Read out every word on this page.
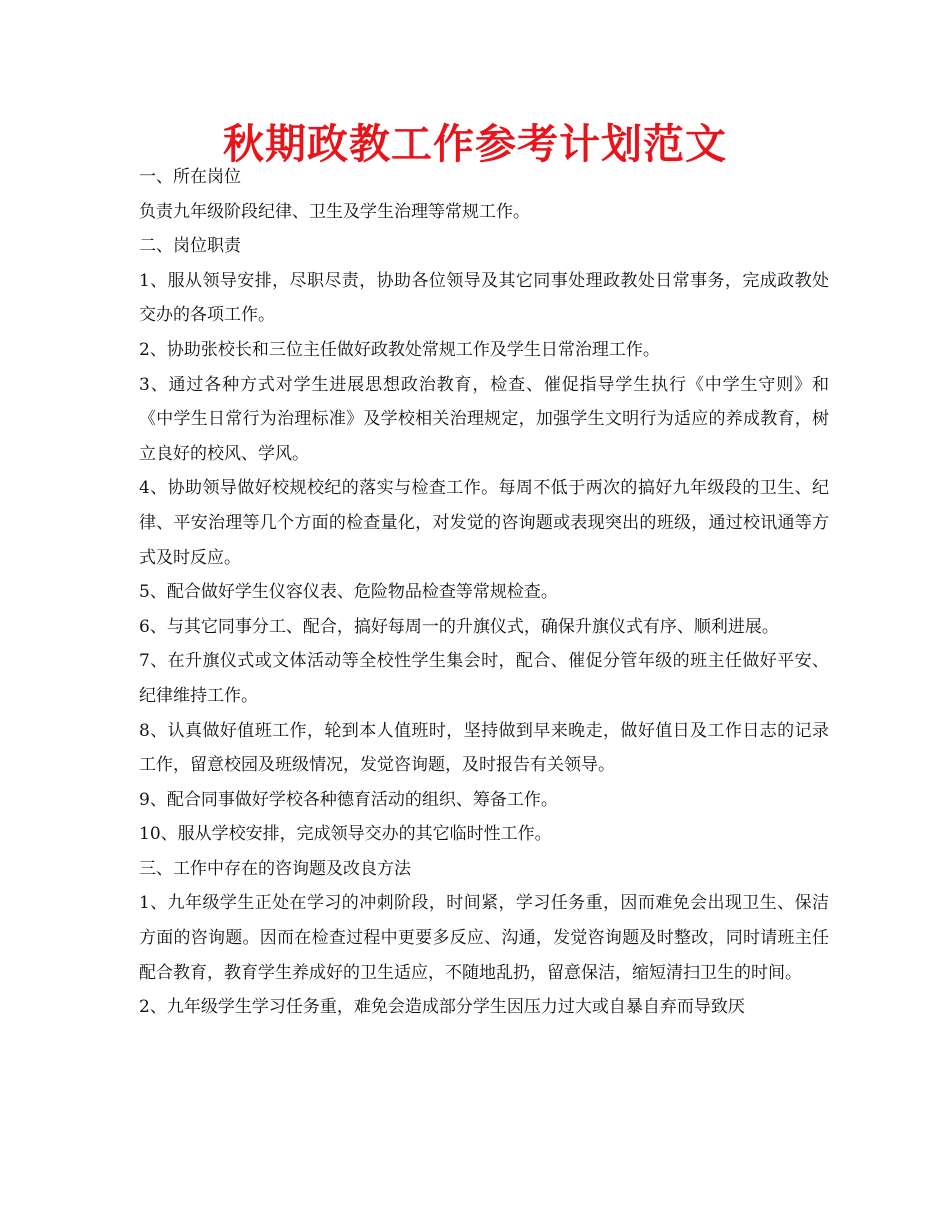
秋期政教工作参考计划范文

一、所在岗位

负责九年级阶段纪律、卫生及学生治理等常规工作。

二、岗位职责

1、服从领导安排，尽职尽责，协助各位领导及其它同事处理政教处日常事务，完成政教处交办的各项工作。

2、协助张校长和三位主任做好政教处常规工作及学生日常治理工作。

3、通过各种方式对学生进展思想政治教育，检查、催促指导学生执行《中学生守则》和《中学生日常行为治理标准》及学校相关治理规定，加强学生文明行为适应的养成教育，树立良好的校风、学风。

4、协助领导做好校规校纪的落实与检查工作。每周不低于两次的搞好九年级段的卫生、纪律、平安治理等几个方面的检查量化，对发觉的咨询题或表现突出的班级，通过校讯通等方式及时反应。

5、配合做好学生仪容仪表、危险物品检查等常规检查。

6、与其它同事分工、配合，搞好每周一的升旗仪式，确保升旗仪式有序、顺利进展。

7、在升旗仪式或文体活动等全校性学生集会时，配合、催促分管年级的班主任做好平安、纪律维持工作。

8、认真做好值班工作，轮到本人值班时，坚持做到早来晚走，做好值日及工作日志的记录工作，留意校园及班级情况，发觉咨询题，及时报告有关领导。

9、配合同事做好学校各种德育活动的组织、筹备工作。

10、服从学校安排，完成领导交办的其它临时性工作。

三、工作中存在的咨询题及改良方法

1、九年级学生正处在学习的冲刺阶段，时间紧，学习任务重，因而难免会出现卫生、保洁方面的咨询题。因而在检查过程中更要多反应、沟通，发觉咨询题及时整改，同时请班主任配合教育，教育学生养成好的卫生适应，不随地乱扔，留意保洁，缩短清扫卫生的时间。

2、九年级学生学习任务重，难免会造成部分学生因压力过大或自暴自弃而导致厌
